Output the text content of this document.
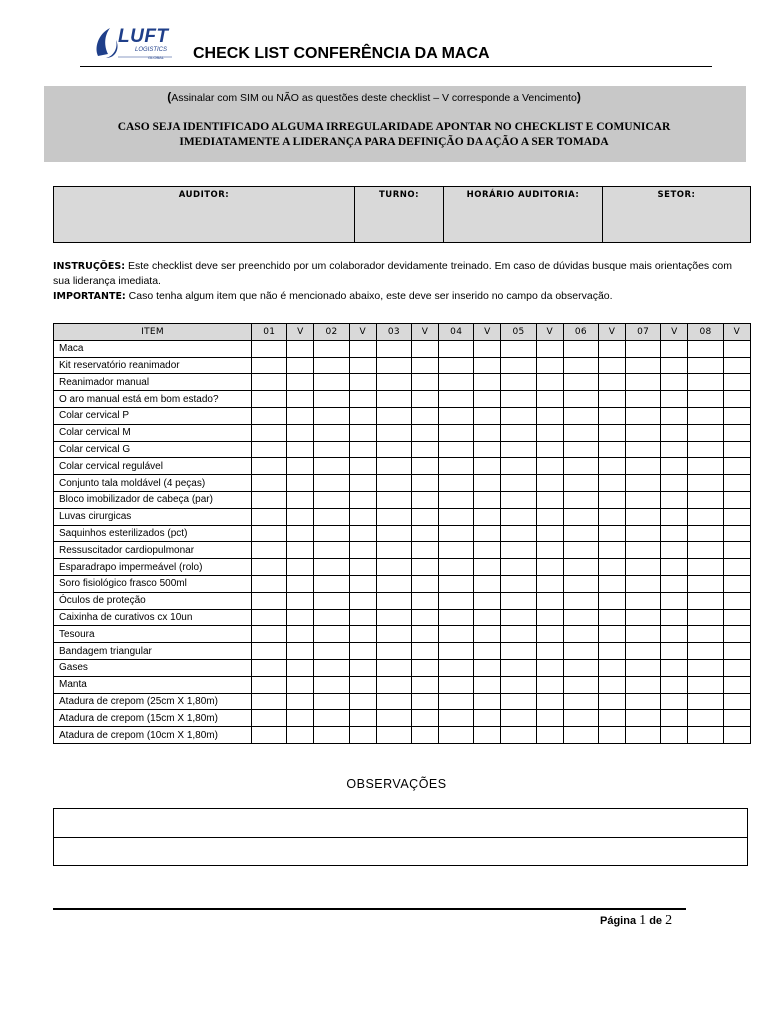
LUFT
LOGISTICS
GLOBAL CHECK LIST CONFERÊNCIA DA MACA
(Assinalar com SIM ou NÃO as questões deste checklist – V corresponde a Vencimento)
CASO SEJA IDENTIFICADO ALGUMA IRREGULARIDADE APONTAR NO CHECKLIST E COMUNICAR
IMEDIATAMENTE A LIDERANÇA PARA DEFINIÇÃO DA AÇÃO A SER TOMADA
AUDITOR:	TURNO:	HORÁRIO AUDITORIA:	SETOR:
INSTRUÇÕES: Este checklist deve ser preenchido por um colaborador devidamente treinado. Em caso de dúvidas busque mais orientações com sua liderança imediata.
IMPORTANTE: Caso tenha algum item que não é mencionado abaixo, este deve ser inserido no campo da observação.
ITEM	01	V	02	V	03	V	04	V	05	V	06	V	07	V	08	V
Maca																
Kit reservatório reanimador																
Reanimador manual																
O aro manual está em bom estado?																
Colar cervical P																
Colar cervical M																
Colar cervical G																
Colar cervical regulável																
Conjunto tala moldável (4 peças)																
Bloco imobilizador de cabeça (par)																
Luvas cirurgicas																
Saquinhos esterilizados (pct)																
Ressuscitador cardiopulmonar																
Esparadrapo impermeável (rolo)																
Soro fisiológico frasco 500ml																
Óculos de proteção																
Caixinha de curativos cx 10un																
Tesoura																
Bandagem triangular																
Gases																
Manta																
Atadura de crepom (25cm X 1,80m)																
Atadura de crepom (15cm X 1,80m)																
Atadura de crepom (10cm X 1,80m)																
OBSERVAÇÕES
Página 1 de 2
